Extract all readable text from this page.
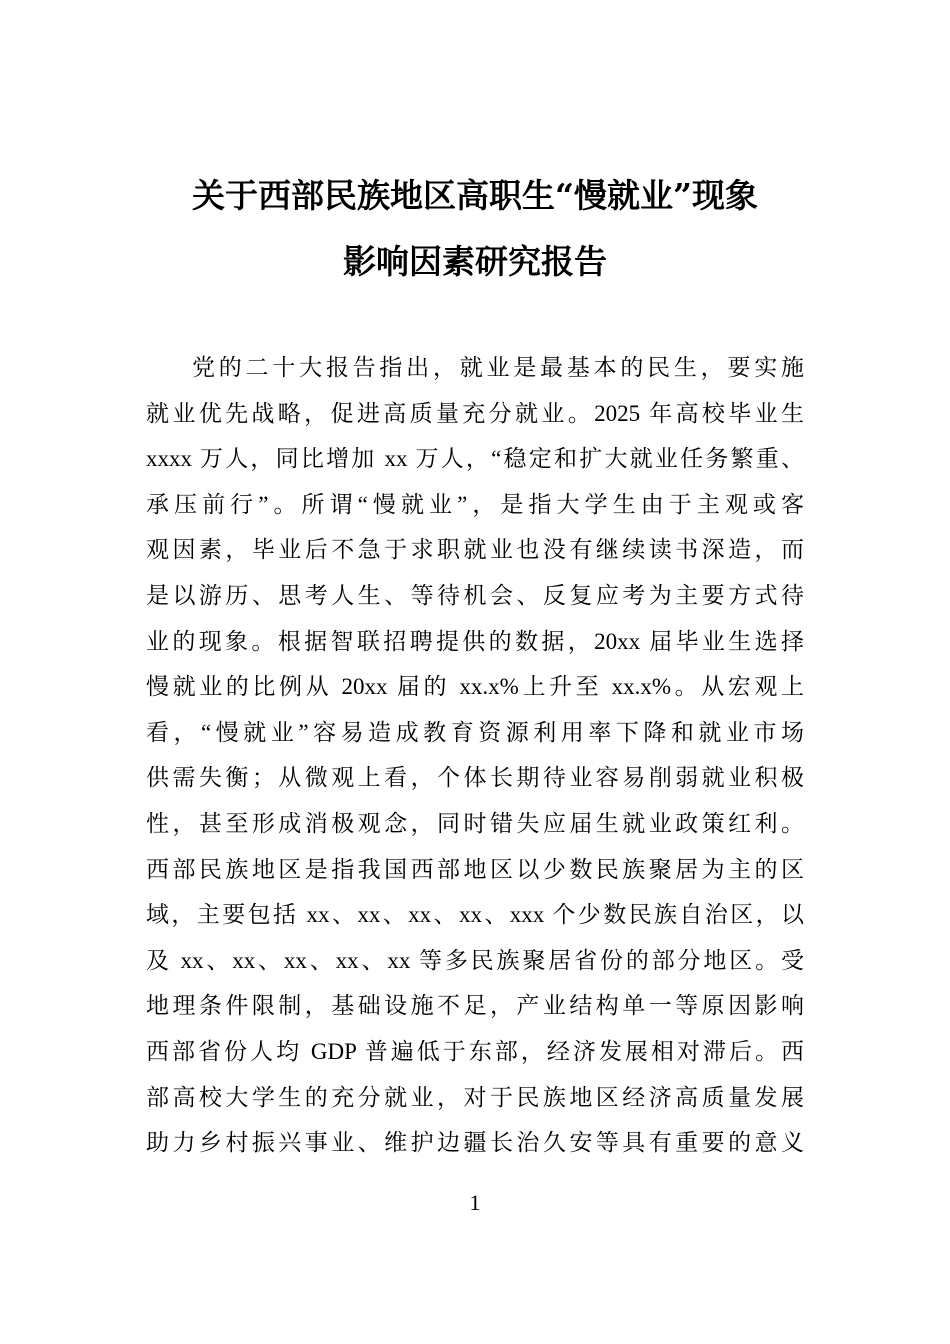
关于西部民族地区高职生“慢就业”现象
影响因素研究报告
党的二十大报告指出，就业是最基本的民生，要实施
就业优先战略，促进高质量充分就业。2025 年高校毕业生
xxxx 万人，同比增加 xx 万人，“稳定和扩大就业任务繁重、
承压前行”。所谓“慢就业”，是指大学生由于主观或客
观因素，毕业后不急于求职就业也没有继续读书深造，而
是以游历、思考人生、等待机会、反复应考为主要方式待
业的现象。根据智联招聘提供的数据，20xx 届毕业生选择
慢就业的比例从 20xx 届的 xx.x%上升至 xx.x%。从宏观上
看，“慢就业”容易造成教育资源利用率下降和就业市场
供需失衡；从微观上看，个体长期待业容易削弱就业积极
性，甚至形成消极观念，同时错失应届生就业政策红利。
西部民族地区是指我国西部地区以少数民族聚居为主的区
域，主要包括 xx、xx、xx、xx、xxx 个少数民族自治区，以
及 xx、xx、xx、xx、xx 等多民族聚居省份的部分地区。受
地理条件限制，基础设施不足，产业结构单一等原因影响
西部省份人均 GDP 普遍低于东部，经济发展相对滞后。西
部高校大学生的充分就业，对于民族地区经济高质量发展
助力乡村振兴事业、维护边疆长治久安等具有重要的意义
1
